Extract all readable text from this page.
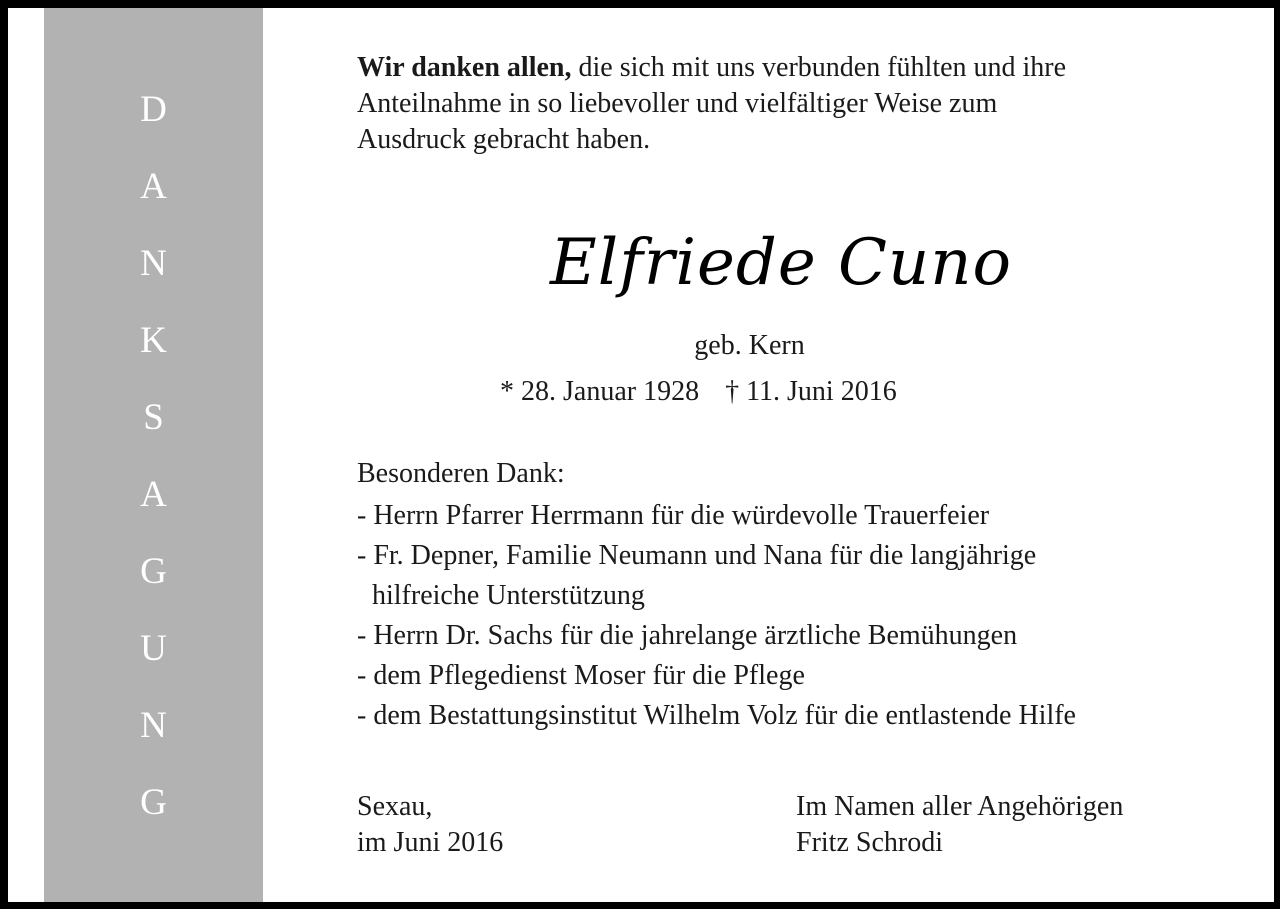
D
A
N
K
S
A
G
U
N
G
Wir danken allen, die sich mit uns verbunden fühlten und ihre
Anteilnahme in so liebevoller und vielfältiger Weise zum
Ausdruck gebracht haben.
Elfriede Cuno
geb. Kern
* 28. Januar 1928 † 11. Juni 2016
Besonderen Dank:
- Herrn Pfarrer Herrmann für die würdevolle Trauerfeier
- Fr. Depner, Familie Neumann und Nana für die langjährige
hilfreiche Unterstützung
- Herrn Dr. Sachs für die jahrelange ärztliche Bemühungen
- dem Pflegedienst Moser für die Pflege
- dem Bestattungsinstitut Wilhelm Volz für die entlastende Hilfe
Sexau,
im Juni 2016
Im Namen aller Angehörigen
Fritz Schrodi
